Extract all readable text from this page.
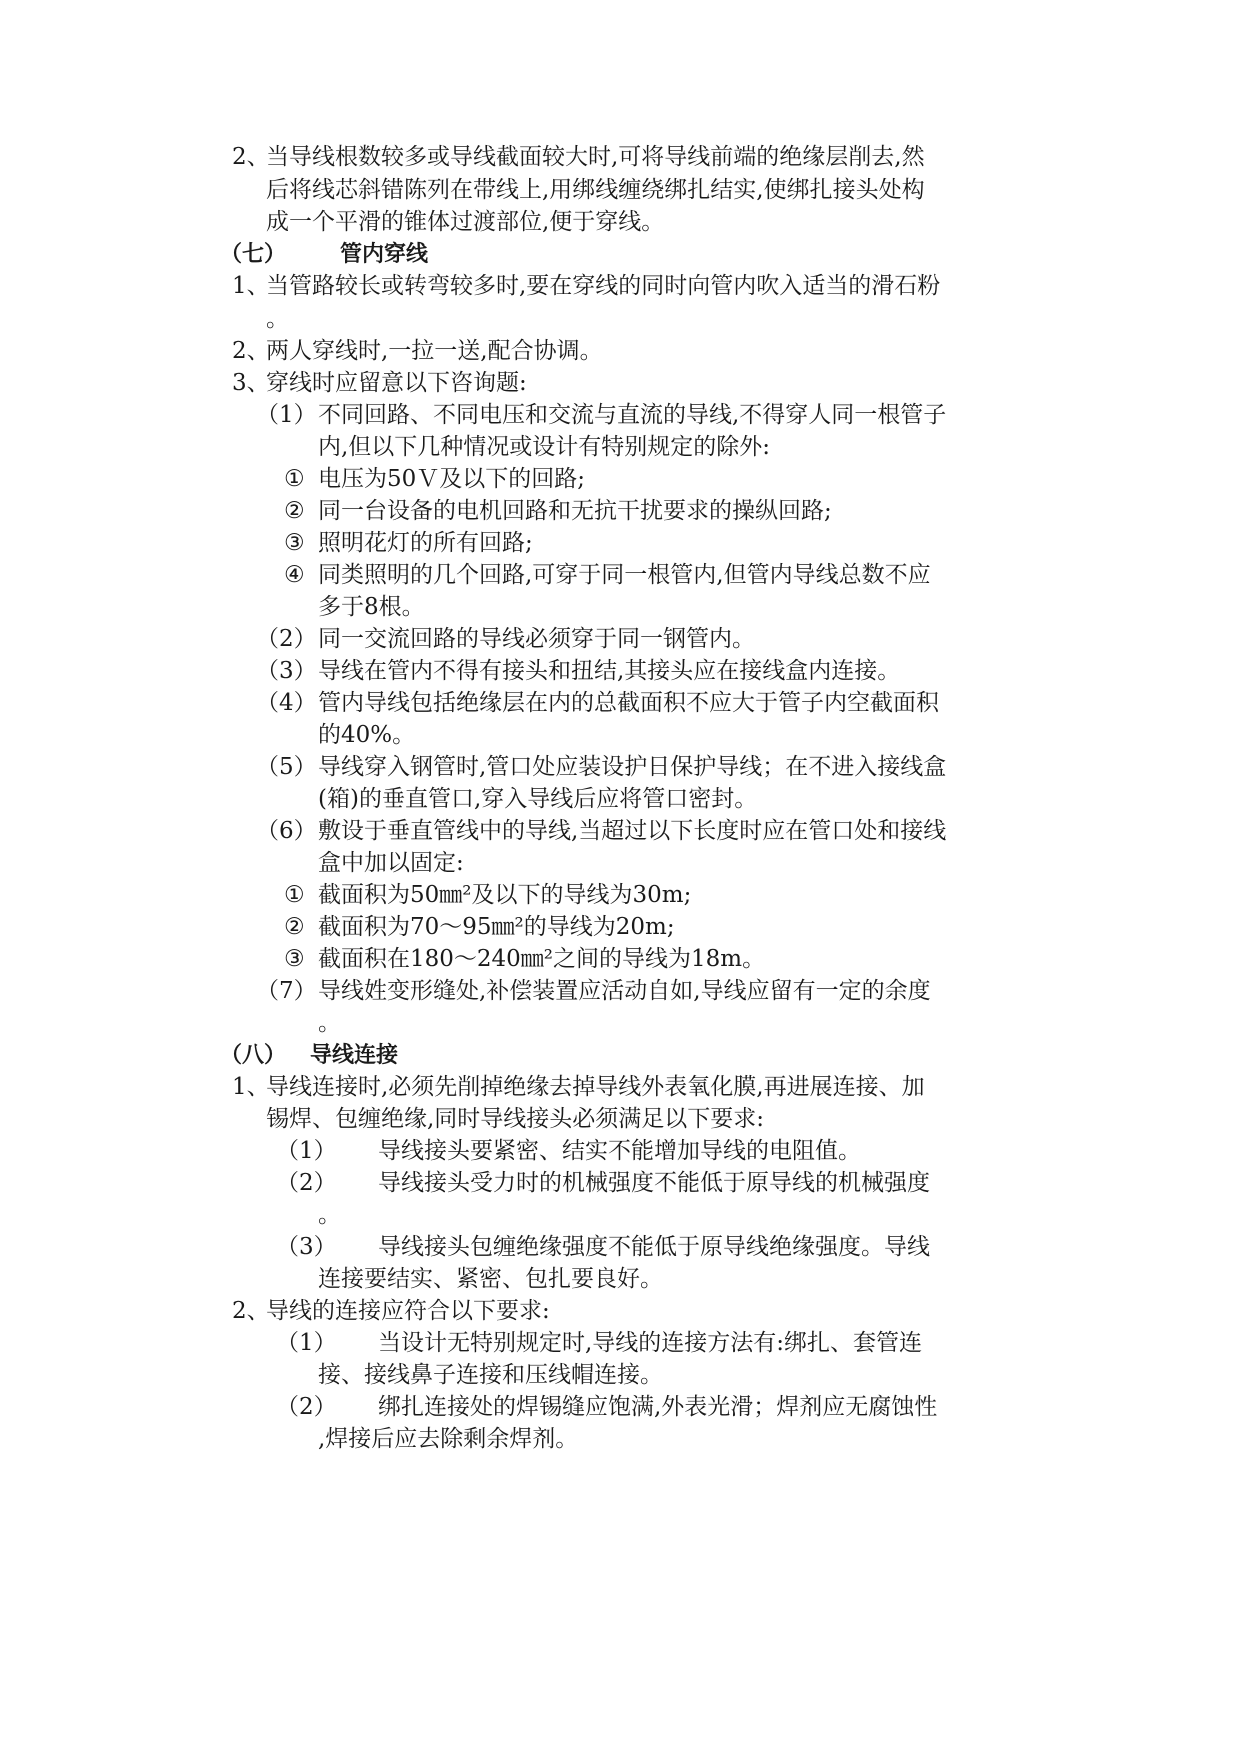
2、当导线根数较多或导线截面较大时,可将导线前端的绝缘层削去,然
后将线芯斜错陈列在带线上,用绑线缠绕绑扎结实,使绑扎接头处构
成一个平滑的锥体过渡部位,便于穿线。
（七） 管内穿线
1、当管路较长或转弯较多时,要在穿线的同时向管内吹入适当的滑石粉
。
2、两人穿线时,一拉一送,配合协调。
3、穿线时应留意以下咨询题:
（1）不同回路、不同电压和交流与直流的导线,不得穿人同一根管子
内,但以下几种情况或设计有特别规定的除外:
① 电压为50Ｖ及以下的回路;
② 同一台设备的电机回路和无抗干扰要求的操纵回路;
③ 照明花灯的所有回路;
④ 同类照明的几个回路,可穿于同一根管内,但管内导线总数不应
多于8根。
（2）同一交流回路的导线必须穿于同一钢管内。
（3）导线在管内不得有接头和扭结,其接头应在接线盒内连接。
（4）管内导线包括绝缘层在内的总截面积不应大于管子内空截面积
的40%。
（5）导线穿入钢管时,管口处应装设护日保护导线；在不进入接线盒
(箱)的垂直管口,穿入导线后应将管口密封。
（6）敷设于垂直管线中的导线,当超过以下长度时应在管口处和接线
盒中加以固定:
① 截面积为50㎜²及以下的导线为30m;
② 截面积为70～95㎜²的导线为20m;
③ 截面积在180～240㎜²之间的导线为18m。
（7）导线姓变形缝处,补偿装置应活动自如,导线应留有一定的余度
。
（八） 导线连接
1、导线连接时,必须先削掉绝缘去掉导线外表氧化膜,再进展连接、加
锡焊、包缠绝缘,同时导线接头必须满足以下要求:
（1） 导线接头要紧密、结实不能增加导线的电阻值。
（2） 导线接头受力时的机械强度不能低于原导线的机械强度
。
（3） 导线接头包缠绝缘强度不能低于原导线绝缘强度。导线
连接要结实、紧密、包扎要良好。
2、导线的连接应符合以下要求:
（1） 当设计无特别规定时,导线的连接方法有:绑扎、套管连
接、接线鼻子连接和压线帽连接。
（2） 绑扎连接处的焊锡缝应饱满,外表光滑；焊剂应无腐蚀性
,焊接后应去除剩余焊剂。
